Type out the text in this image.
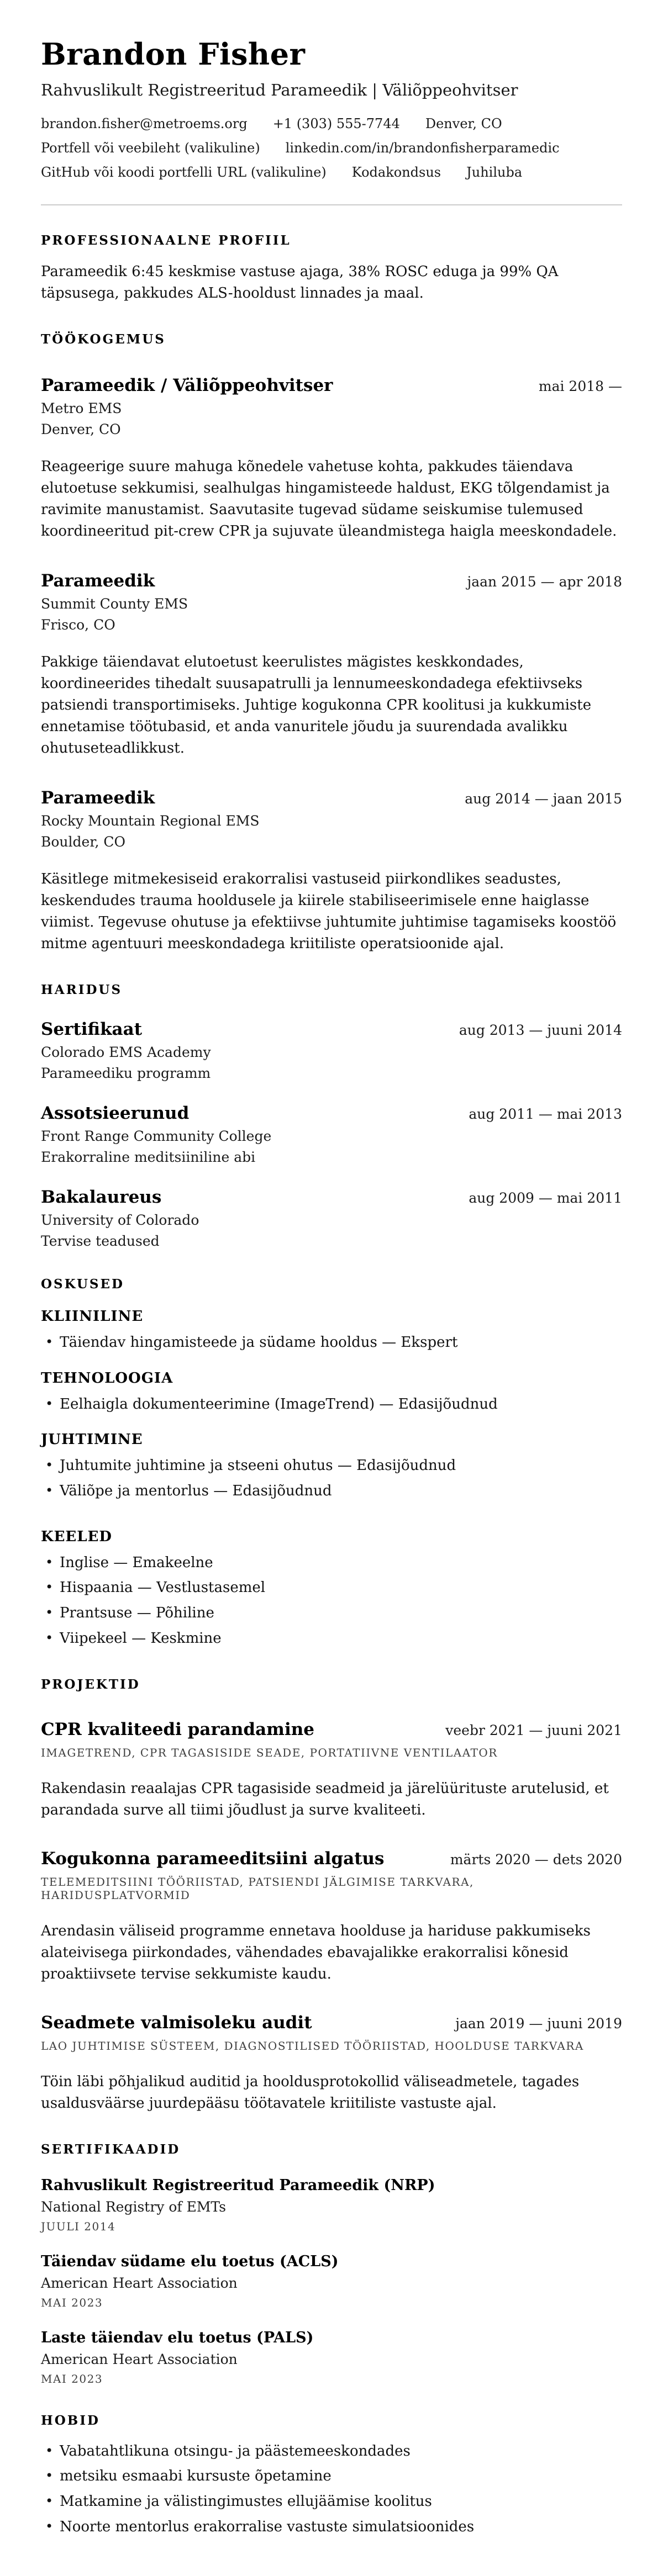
Brandon Fisher
Rahvuslikult Registreeritud Parameedik | Väliõppeohvitser
brandon.fisher@metroems.org +1 (303) 555-7744 Denver, CO
Portfell või veebileht (valikuline) linkedin.com/in/brandonfisherparamedic
GitHub või koodi portfelli URL (valikuline) Kodakondsus Juhiluba
PROFESSIONAALNE PROFIIL
Parameedik 6:45 keskmise vastuse ajaga, 38% ROSC eduga ja 99% QA täpsusega, pakkudes ALS-hooldust linnades ja maal.
TÖÖKOGEMUS
Parameedik / Väliõppeohvitser	mai 2018 —
Metro EMS
Denver, CO
Reageerige suure mahuga kõnedele vahetuse kohta, pakkudes täiendava elutoetuse sekkumisi, sealhulgas hingamisteede haldust, EKG tõlgendamist ja ravimite manustamist. Saavutasite tugevad südame seiskumise tulemused koordineeritud pit-crew CPR ja sujuvate üleandmistega haigla meeskondadele.
Parameedik	jaan 2015 — apr 2018
Summit County EMS
Frisco, CO
Pakkige täiendavat elutoetust keerulistes mägistes keskkondades, koordineerides tihedalt suusapatrulli ja lennumeeskondadega efektiivseks patsiendi transportimiseks. Juhtige kogukonna CPR koolitusi ja kukkumiste ennetamise töötubasid, et anda vanuritele jõudu ja suurendada avalikku ohutuseteadlikkust.
Parameedik	aug 2014 — jaan 2015
Rocky Mountain Regional EMS
Boulder, CO
Käsitlege mitmekesiseid erakorralisi vastuseid piirkondlikes seadustes, keskendudes trauma hooldusele ja kiirele stabiliseerimisele enne haiglasse viimist. Tegevuse ohutuse ja efektiivse juhtumite juhtimise tagamiseks koostöö mitme agentuuri meeskondadega kriitiliste operatsioonide ajal.
HARIDUS
Sertifikaat	aug 2013 — juuni 2014
Colorado EMS Academy
Parameediku programm
Assotsieerunud	aug 2011 — mai 2013
Front Range Community College
Erakorraline meditsiiniline abi
Bakalaureus	aug 2009 — mai 2011
University of Colorado
Tervise teadused
OSKUSED
KLIINILINE
• Täiendav hingamisteede ja südame hooldus — Ekspert
TEHNOLOOGIA
• Eelhaigla dokumenteerimine (ImageTrend) — Edasijõudnud
JUHTIMINE
• Juhtumite juhtimine ja stseeni ohutus — Edasijõudnud
• Väliõpe ja mentorlus — Edasijõudnud
KEELED
• Inglise — Emakeelne
• Hispaania — Vestlustasemel
• Prantsuse — Põhiline
• Viipekeel — Keskmine
PROJEKTID
CPR kvaliteedi parandamine	veebr 2021 — juuni 2021
IMAGETREND, CPR TAGASISIDE SEADE, PORTATIIVNE VENTILAATOR
Rakendasin reaalajas CPR tagasiside seadmeid ja järelüürituste arutelusid, et parandada surve all tiimi jõudlust ja surve kvaliteeti.
Kogukonna parameeditsiini algatus	märts 2020 — dets 2020
TELEMEDITSIINI TÖÖRIISTAD, PATSIENDI JÄLGIMISE TARKVARA, HARIDUSPLATVORMID
Arendasin väliseid programme ennetava hoolduse ja hariduse pakkumiseks alateivisega piirkondades, vähendades ebavajalikke erakorralisi kõnesid proaktiivsete tervise sekkumiste kaudu.
Seadmete valmisoleku audit	jaan 2019 — juuni 2019
LAO JUHTIMISE SÜSTEEM, DIAGNOSTILISED TÖÖRIISTAD, HOOLDUSE TARKVARA
Töin läbi põhjalikud auditid ja hooldusprotokollid väliseadmetele, tagades usaldusväärse juurdepääsu töötavatele kriitiliste vastuste ajal.
SERTIFIKAADID
Rahvuslikult Registreeritud Parameedik (NRP)
National Registry of EMTs
JUULI 2014
Täiendav südame elu toetus (ACLS)
American Heart Association
MAI 2023
Laste täiendav elu toetus (PALS)
American Heart Association
MAI 2023
HOBID
• Vabatahtlikuna otsingu- ja päästemeeskondades
• metsiku esmaabi kursuste õpetamine
• Matkamine ja välistingimustes ellujäämise koolitus
• Noorte mentorlus erakorralise vastuste simulatsioonides
